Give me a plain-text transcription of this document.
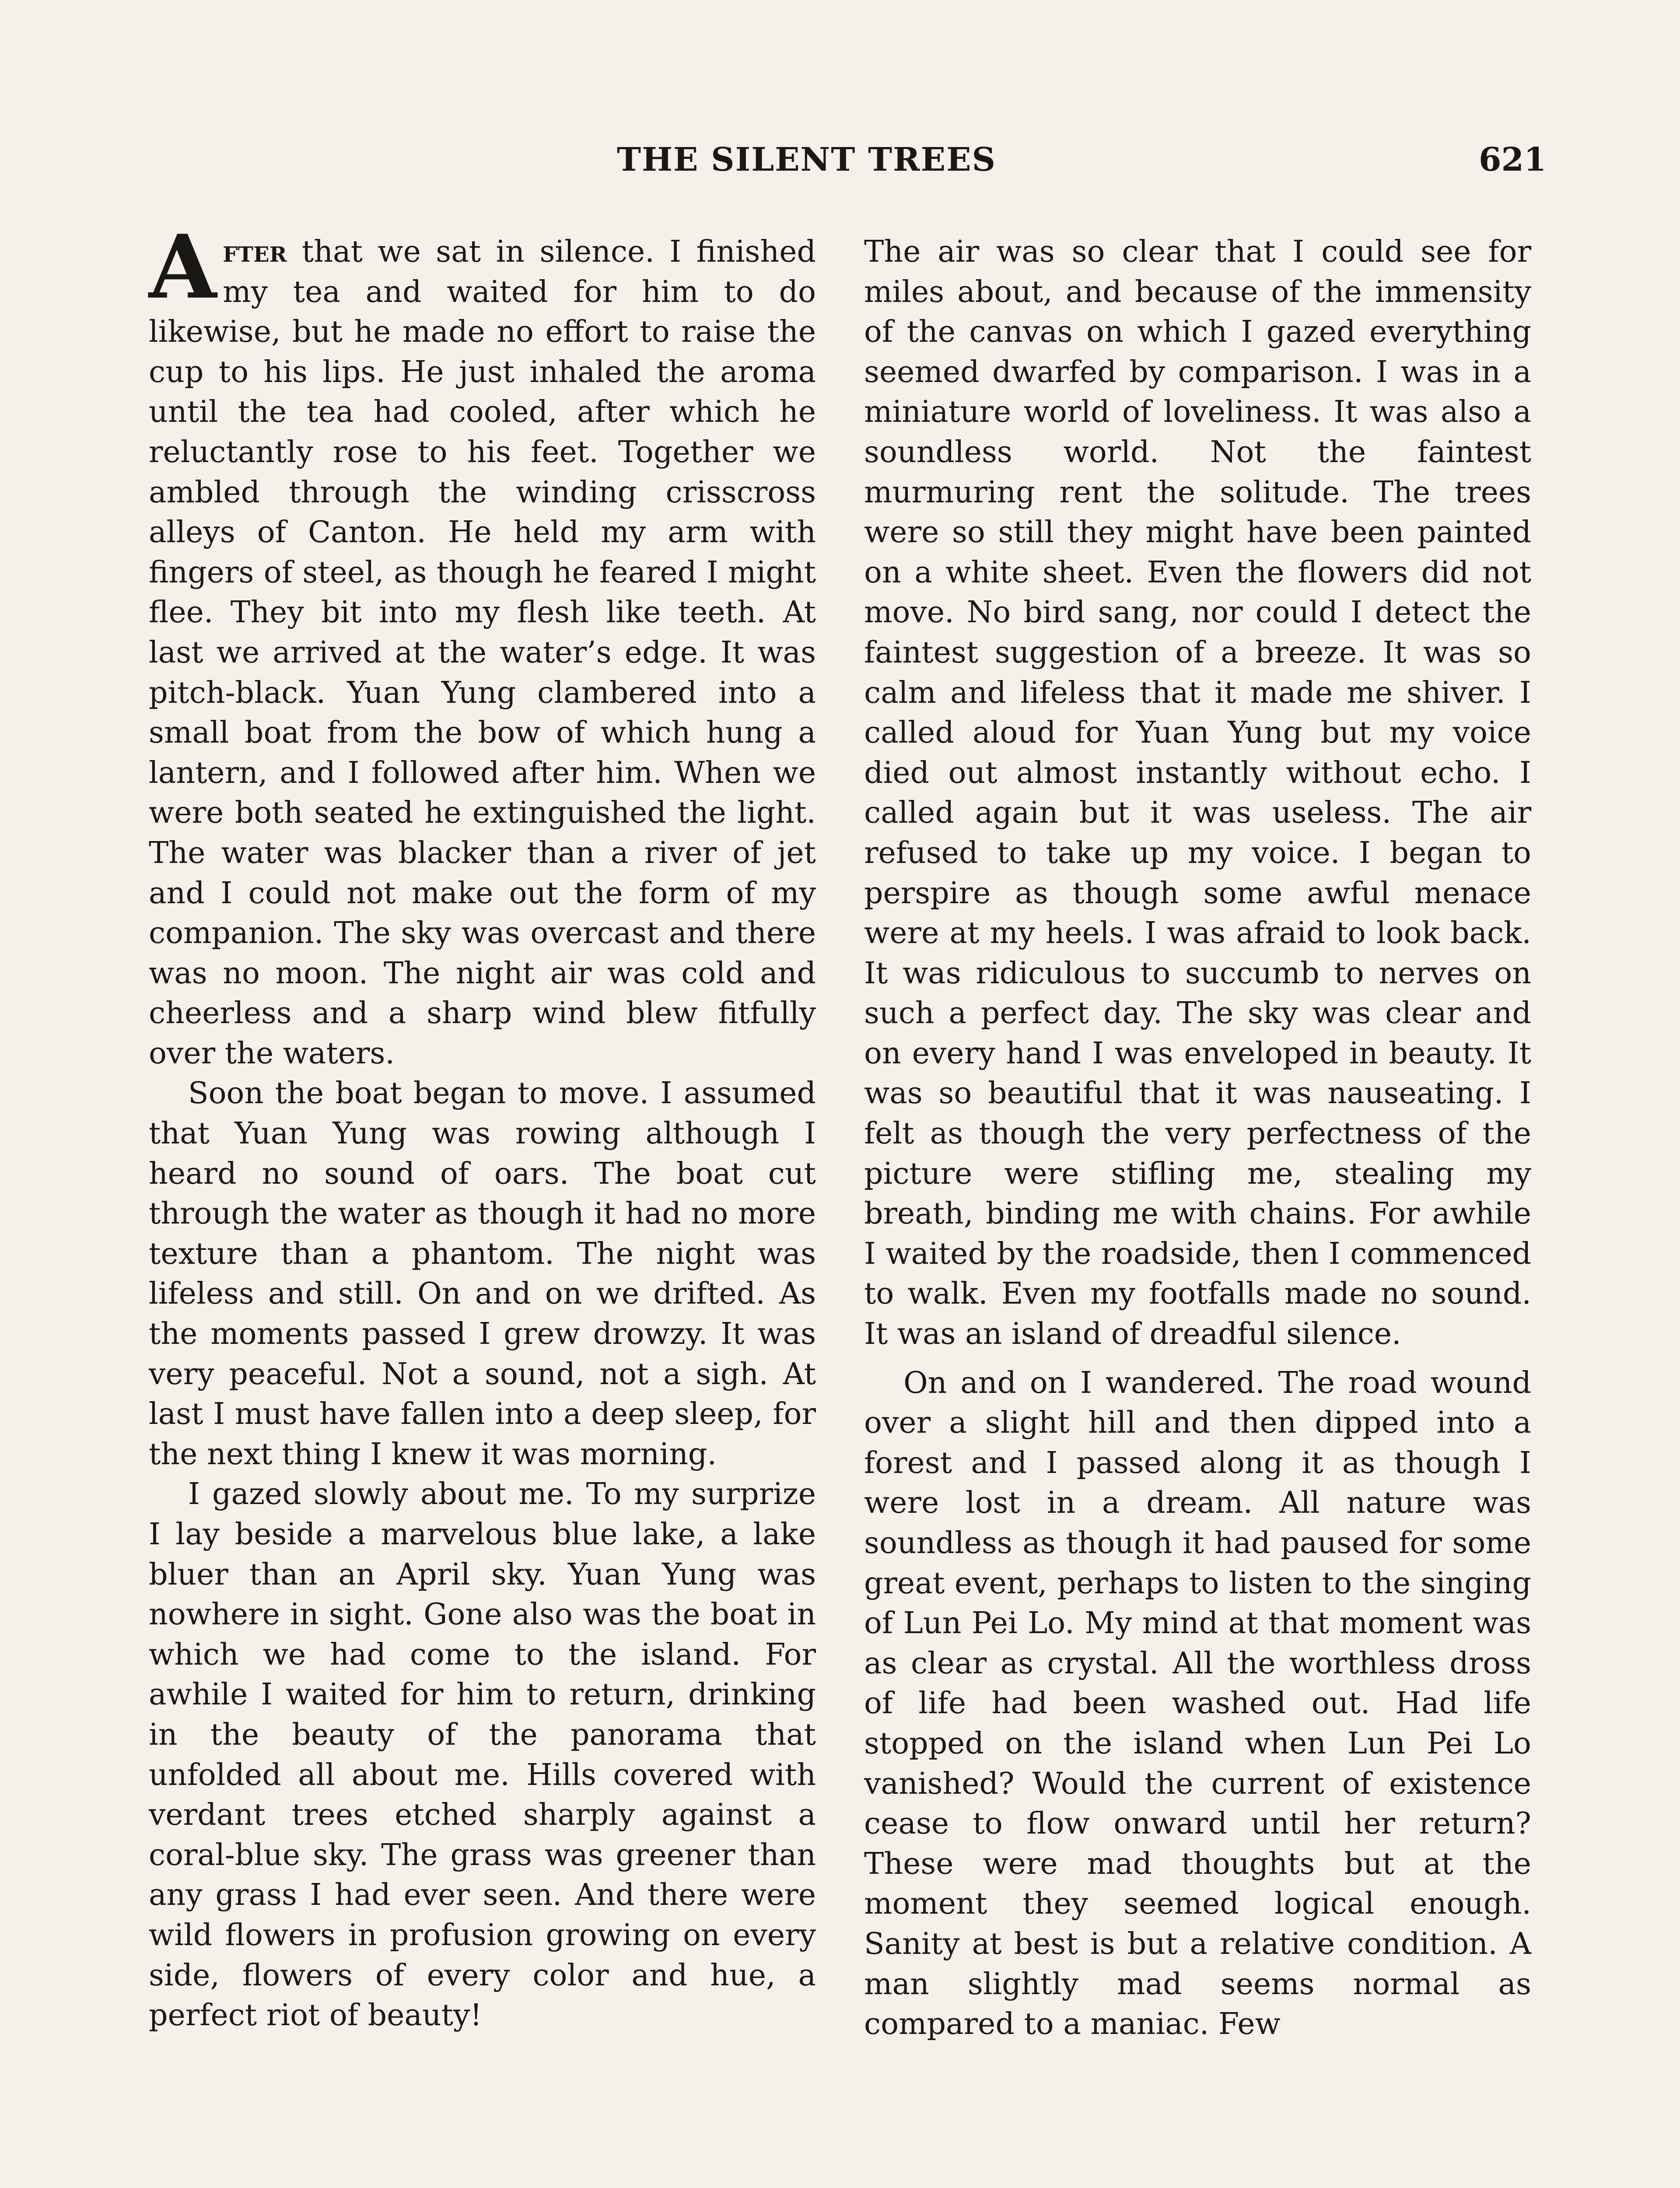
THE SILENT TREES	621

After that we sat in silence. I finished my tea and waited for him to do likewise, but he made no effort to raise the cup to his lips. He just inhaled the aroma until the tea had cooled, after which he reluctantly rose to his feet. Together we ambled through the winding crisscross alleys of Canton. He held my arm with fingers of steel, as though he feared I might flee. They bit into my flesh like teeth. At last we arrived at the water’s edge. It was pitch-black. Yuan Yung clambered into a small boat from the bow of which hung a lantern, and I followed after him. When we were both seated he extinguished the light. The water was blacker than a river of jet and I could not make out the form of my companion. The sky was overcast and there was no moon. The night air was cold and cheerless and a sharp wind blew fitfully over the waters.

Soon the boat began to move. I assumed that Yuan Yung was rowing although I heard no sound of oars. The boat cut through the water as though it had no more texture than a phantom. The night was lifeless and still. On and on we drifted. As the moments passed I grew drowzy. It was very peaceful. Not a sound, not a sigh. At last I must have fallen into a deep sleep, for the next thing I knew it was morning.

I gazed slowly about me. To my surprize I lay beside a marvelous blue lake, a lake bluer than an April sky. Yuan Yung was nowhere in sight. Gone also was the boat in which we had come to the island. For awhile I waited for him to return, drinking in the beauty of the panorama that unfolded all about me. Hills covered with verdant trees etched sharply against a coral-blue sky. The grass was greener than any grass I had ever seen. And there were wild flowers in profusion growing on every side, flowers of every color and hue, a perfect riot of beauty!

The air was so clear that I could see for miles about, and because of the immensity of the canvas on which I gazed everything seemed dwarfed by comparison. I was in a miniature world of loveliness. It was also a soundless world. Not the faintest murmuring rent the solitude. The trees were so still they might have been painted on a white sheet. Even the flowers did not move. No bird sang, nor could I detect the faintest suggestion of a breeze. It was so calm and lifeless that it made me shiver. I called aloud for Yuan Yung but my voice died out almost instantly without echo. I called again but it was useless. The air refused to take up my voice. I began to perspire as though some awful menace were at my heels. I was afraid to look back. It was ridiculous to succumb to nerves on such a perfect day. The sky was clear and on every hand I was enveloped in beauty. It was so beautiful that it was nauseating. I felt as though the very perfectness of the picture were stifling me, stealing my breath, binding me with chains. For awhile I waited by the roadside, then I commenced to walk. Even my footfalls made no sound. It was an island of dreadful silence.

On and on I wandered. The road wound over a slight hill and then dipped into a forest and I passed along it as though I were lost in a dream. All nature was soundless as though it had paused for some great event, perhaps to listen to the singing of Lun Pei Lo. My mind at that moment was as clear as crystal. All the worthless dross of life had been washed out. Had life stopped on the island when Lun Pei Lo vanished? Would the current of existence cease to flow onward until her return? These were mad thoughts but at the moment they seemed logical enough. Sanity at best is but a relative condition. A man slightly mad seems normal as compared to a maniac. Few
